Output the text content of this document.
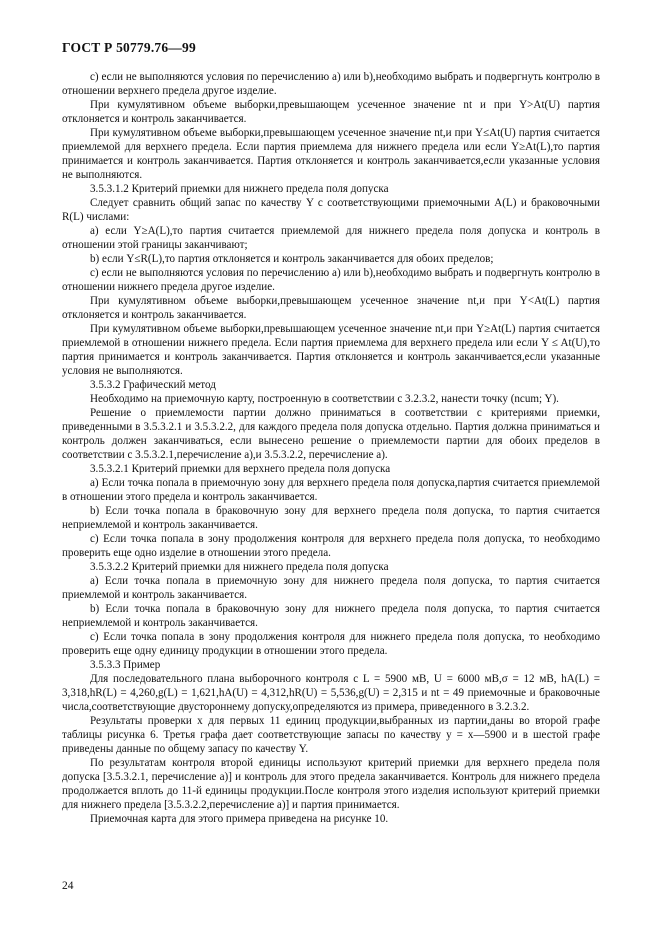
ГОСТ Р 50779.76—99

с) если не выполняются условия по перечислению a) или b),необходимо выбрать и подвергнуть контролю в отношении верхнего предела другое изделие.

При кумулятивном объеме выборки,превышающем усеченное значение nt и при Y>At(U) партия отклоняется и контроль заканчивается.

При кумулятивном объеме выборки,превышающем усеченное значение nt,и при Y≤At(U) партия считается приемлемой для верхнего предела. Если партия приемлема для нижнего предела или если Y≥At(L),то партия принимается и контроль заканчивается. Партия отклоняется и контроль заканчивается,если указанные условия не выполняются.

3.5.3.1.2 Критерий приемки для нижнего предела поля допуска

Следует сравнить общий запас по качеству Y с соответствующими приемочными A(L) и браковочными R(L) числами:

a) если Y≥A(L),то партия считается приемлемой для нижнего предела поля допуска и контроль в отношении этой границы заканчивают;

b) если Y≤R(L),то партия отклоняется и контроль заканчивается для обоих пределов;

с) если не выполняются условия по перечислению a) или b),необходимо выбрать и подвергнуть контролю в отношении нижнего предела другое изделие.

При кумулятивном объеме выборки,превышающем усеченное значение nt,и при Y<At(L) партия отклоняется и контроль заканчивается.

При кумулятивном объеме выборки,превышающем усеченное значение nt,и при Y≥At(L) партия считается приемлемой в отношении нижнего предела. Если партия приемлема для верхнего предела или если Y ≤ At(U),то партия принимается и контроль заканчивается. Партия отклоняется и контроль заканчивается,если указанные условия не выполняются.

3.5.3.2 Графический метод

Необходимо на приемочную карту, построенную в соответствии с 3.2.3.2, нанести точку (ncum; Y).

Решение о приемлемости партии должно приниматься в соответствии с критериями приемки, приведенными в 3.5.3.2.1 и 3.5.3.2.2, для каждого предела поля допуска отдельно. Партия должна приниматься и контроль должен заканчиваться, если вынесено решение о приемлемости партии для обоих пределов в соответствии с 3.5.3.2.1,перечисление а),и 3.5.3.2.2, перечисление а).

3.5.3.2.1 Критерий приемки для верхнего предела поля допуска

a) Если точка попала в приемочную зону для верхнего предела поля допуска,партия считается приемлемой в отношении этого предела и контроль заканчивается.

b) Если точка попала в браковочную зону для верхнего предела поля допуска, то партия считается неприемлемой и контроль заканчивается.

с) Если точка попала в зону продолжения контроля для верхнего предела поля допуска, то необходимо проверить еще одно изделие в отношении этого предела.

3.5.3.2.2 Критерий приемки для нижнего предела поля допуска

a) Если точка попала в приемочную зону для нижнего предела поля допуска, то партия считается приемлемой и контроль заканчивается.

b) Если точка попала в браковочную зону для нижнего предела поля допуска, то партия считается неприемлемой и контроль заканчивается.

с) Если точка попала в зону продолжения контроля для нижнего предела поля допуска, то необходимо проверить еще одну единицу продукции в отношении этого предела.

3.5.3.3 Пример

Для последовательного плана выборочного контроля с L = 5900 мВ, U = 6000 мВ,σ = 12 мВ, hA(L) = 3,318,hR(L) = 4,260,g(L) = 1,621,hA(U) = 4,312,hR(U) = 5,536,g(U) = 2,315 и nt = 49 приемочные и браковочные числа,соответствующие двустороннему допуску,определяются из примера, приведенного в 3.2.3.2.

Результаты проверки x для первых 11 единиц продукции,выбранных из партии,даны во второй графе таблицы рисунка 6. Третья графа дает соответствующие запасы по качеству y = x—5900 и в шестой графе приведены данные по общему запасу по качеству Y.

По результатам контроля второй единицы используют критерий приемки для верхнего предела поля допуска [3.5.3.2.1, перечисление а)] и контроль для этого предела заканчивается. Контроль для нижнего предела продолжается вплоть до 11-й единицы продукции.После контроля этого изделия используют критерий приемки для нижнего предела [3.5.3.2.2,перечисление а)] и партия принимается.

Приемочная карта для этого примера приведена на рисунке 10.

24
